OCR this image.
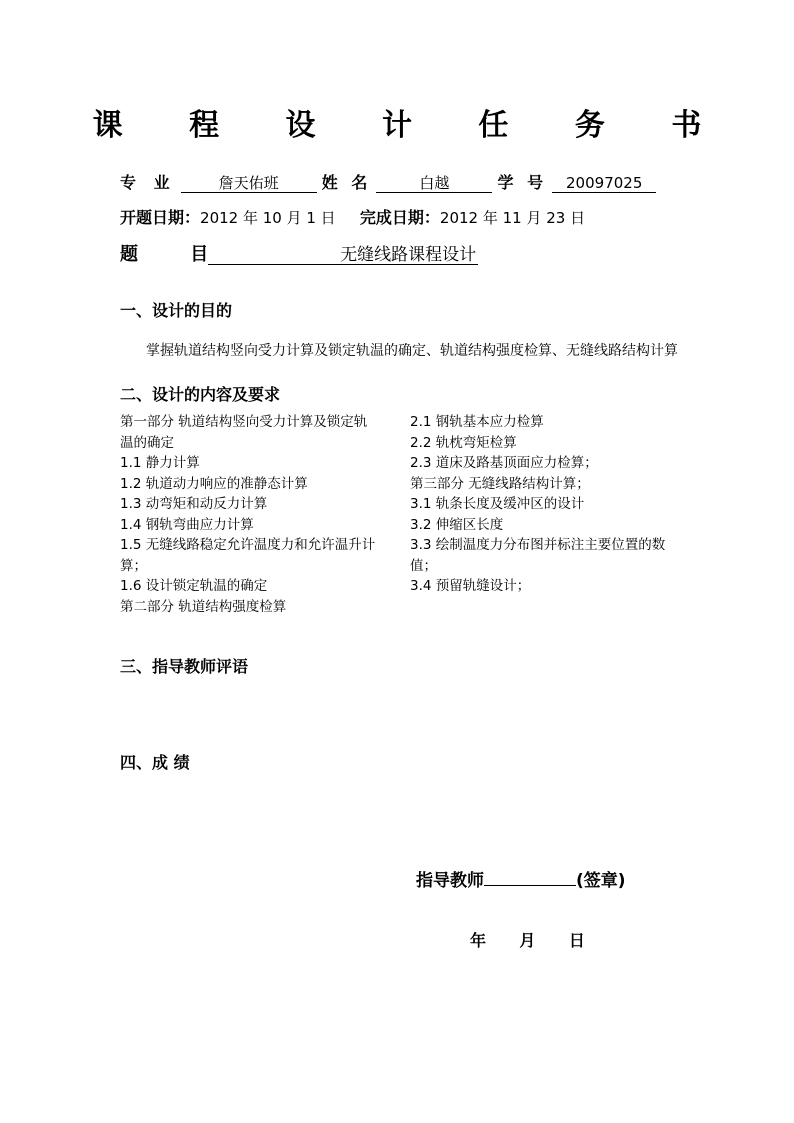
课 程 设 计 任 务 书
专 业	詹天佑班	姓 名	白越	学 号 20097025
开题日期：2012 年 10 月 1 日 完成日期：2012 年 11 月 23 日
题	目	无缝线路课程设计
一、设计的目的
掌握轨道结构竖向受力计算及锁定轨温的确定、轨道结构强度检算、无缝线路结构计算
二、设计的内容及要求
第一部分 轨道结构竖向受力计算及锁定轨
温的确定
1.1 静力计算
1.2 轨道动力响应的准静态计算
1.3 动弯矩和动反力计算
1.4 钢轨弯曲应力计算
1.5 无缝线路稳定允许温度力和允许温升计
算；
1.6 设计锁定轨温的确定
第二部分 轨道结构强度检算
2.1 钢轨基本应力检算
2.2 轨枕弯矩检算
2.3 道床及路基顶面应力检算；
第三部分 无缝线路结构计算；
3.1 轨条长度及缓冲区的设计
3.2 伸缩区长度
3.3 绘制温度力分布图并标注主要位置的数
值；
3.4 预留轨缝设计；
三、指导教师评语
四、成 绩
指导教师	(签章)
年      月      日
